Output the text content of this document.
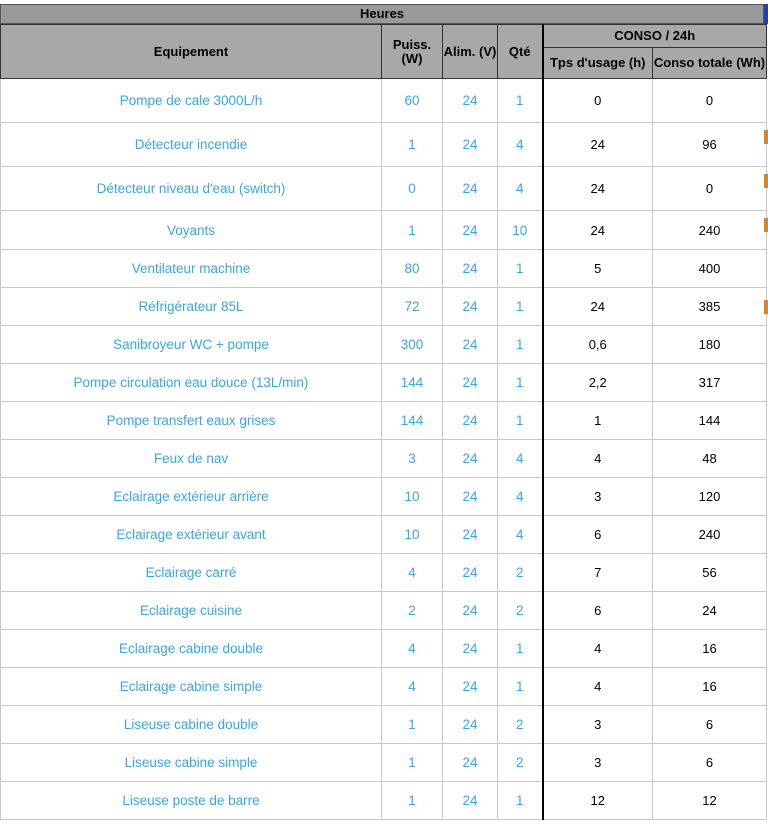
Heures
Equipement	Puiss. (W)	Alim. (V)	Qté	CONSO / 24h	
				Tps d'usage (h)	Conso totale (Wh)
Pompe de cale 3000L/h	60	24	1	0	0
Détecteur incendie	1	24	4	24	96
Détecteur niveau d'eau (switch)	0	24	4	24	0
Voyants	1	24	10	24	240
Ventilateur machine	80	24	1	5	400
Réfrigérateur 85L	72	24	1	24	385
Sanibroyeur WC + pompe	300	24	1	0,6	180
Pompe circulation eau douce (13L/min)	144	24	1	2,2	317
Pompe transfert eaux grises	144	24	1	1	144
Feux de nav	3	24	4	4	48
Eclairage extérieur arrière	10	24	4	3	120
Eclairage extérieur avant	10	24	4	6	240
Eclairage carré	4	24	2	7	56
Eclairage cuisine	2	24	2	6	24
Eclairage cabine double	4	24	1	4	16
Eclairage cabine simple	4	24	1	4	16
Liseuse cabine double	1	24	2	3	6
Liseuse cabine simple	1	24	2	3	6
Liseuse poste de barre	1	24	1	12	12
